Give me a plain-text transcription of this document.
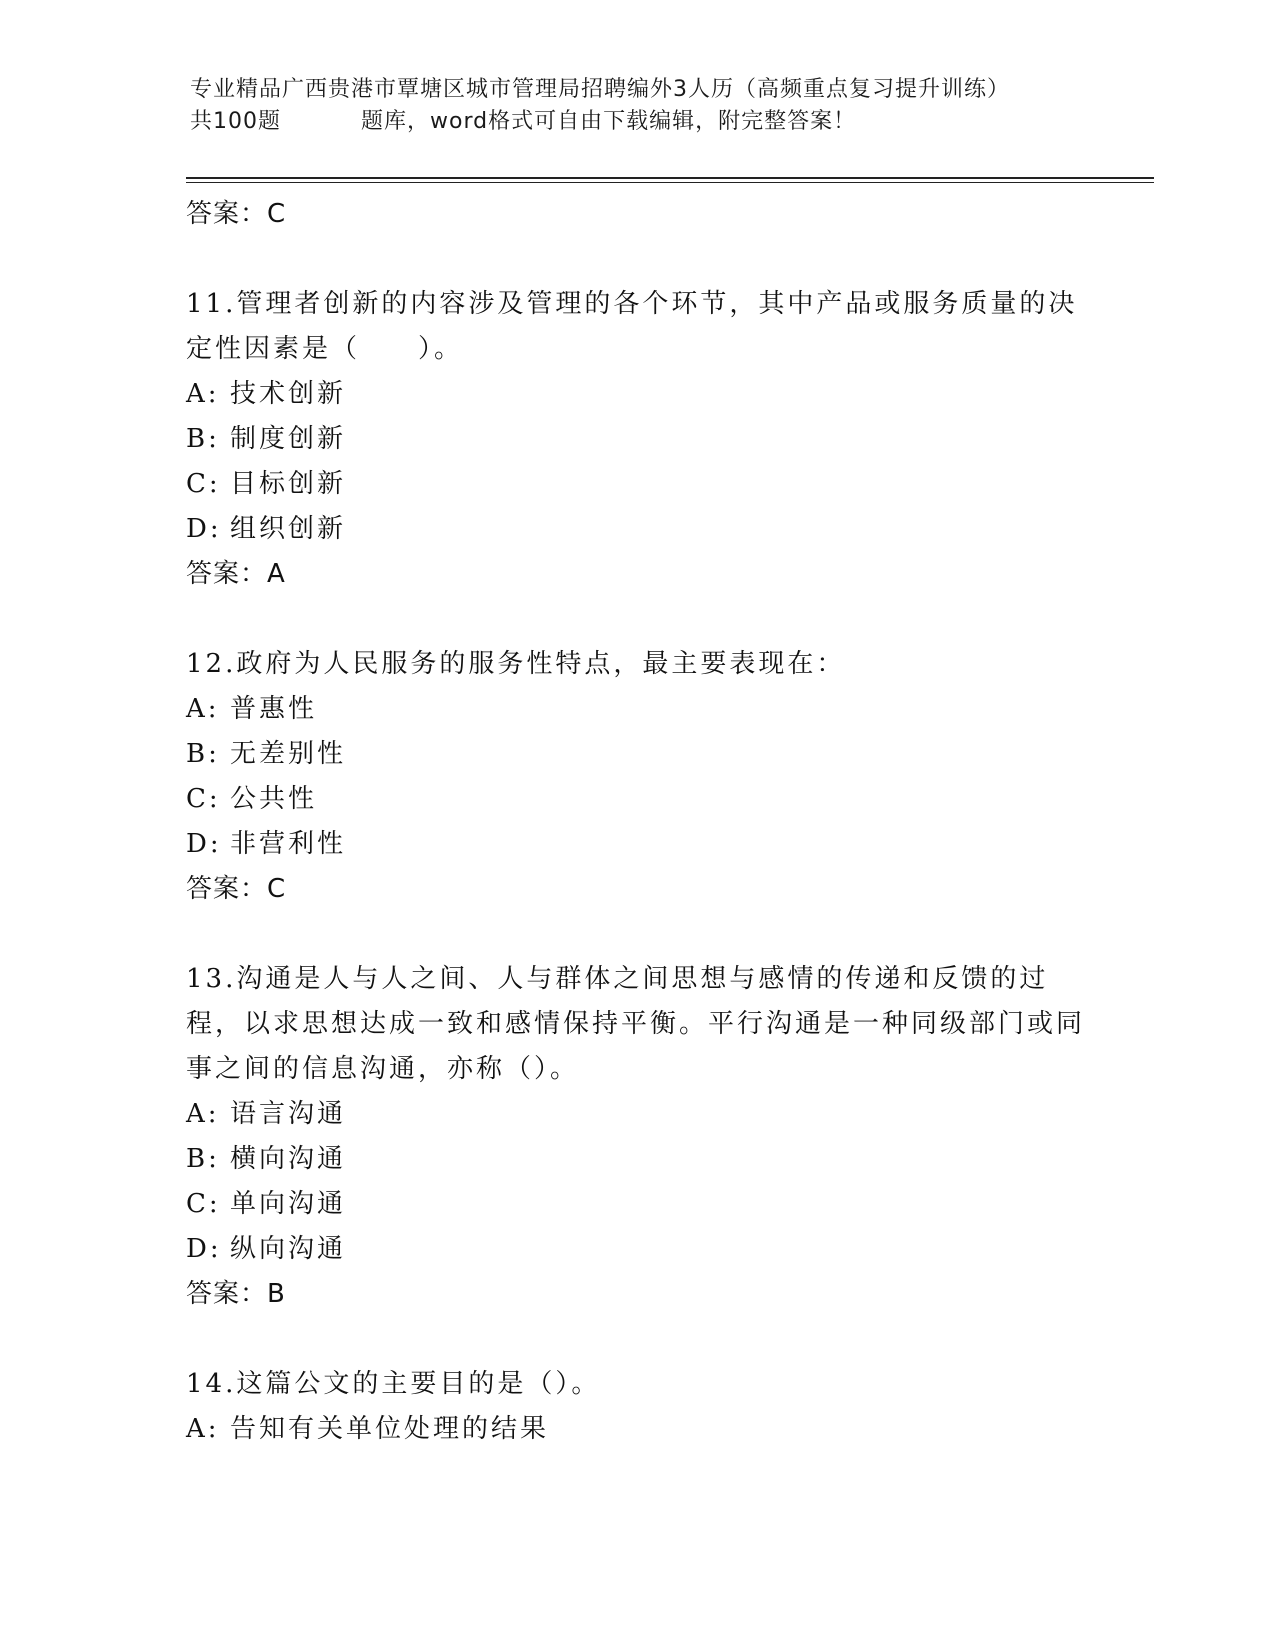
专业精品广西贵港市覃塘区城市管理局招聘编外3人历（高频重点复习提升训练）
共100题	题库，word格式可自由下载编辑，附完整答案！
答案：C
11.管理者创新的内容涉及管理的各个环节，其中产品或服务质量的决定性因素是（　　）。
A: 技术创新
B: 制度创新
C: 目标创新
D: 组织创新
答案：A
12.政府为人民服务的服务性特点，最主要表现在：
A: 普惠性
B: 无差别性
C: 公共性
D: 非营利性
答案：C
13.沟通是人与人之间、人与群体之间思想与感情的传递和反馈的过程，以求思想达成一致和感情保持平衡。平行沟通是一种同级部门或同事之间的信息沟通，亦称（）。
A: 语言沟通
B: 横向沟通
C: 单向沟通
D: 纵向沟通
答案：B
14.这篇公文的主要目的是（）。
A: 告知有关单位处理的结果
